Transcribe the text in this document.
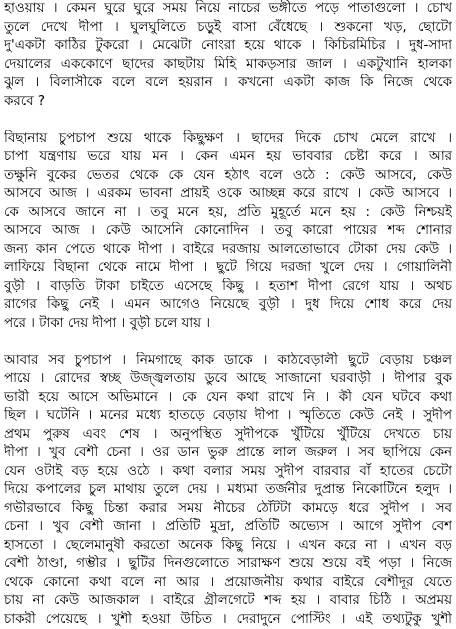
হাওয়ায় । কেমন ঘুরে ঘুরে সময় নিয়ে নাচের ভঙ্গীতে পড়ে পাতাগুলো । চোখ
তুলে দেখে দীপা । ঘুলঘুলিতে চড়ুই বাসা বেঁধেছে । শুকনো খড়, ছোটো
দু'একটা কাঠির টুকরো । মেঝেটা নোংরা হয়ে থাকে । কিচিরমিচির । দুধ-সাদা
দেয়ালের এককোণে ছাদের কাছটায় মিহি মাকড়সার জাল । একটুখানি হালকা
ঝুল । বিলাসীকে বলে বলে হয়রান । কখনো একটা কাজ কি নিজে থেকে
করবে ?
বিছানায় চুপচাপ শুয়ে থাকে কিছুক্ষণ । ছাদের দিকে চোখ মেলে রাখে ।
চাপা যন্ত্রণায় ভরে যায় মন । কেন এমন হয় ভাববার চেষ্টা করে । আর
তক্ষুনি বুকের ভেতর থেকে কে যেন হঠাৎ বলে ওঠে : কেউ আসবে, কেউ
আসবে আজ । এরকম ভাবনা প্রায়ই ওকে আচ্ছন্ন করে রাখে । কেউ আসবে ।
কে আসবে জানে না । তবু মনে হয়, প্রতি মুহূর্তে মনে হয় : কেউ নিশ্চয়ই
আসবে আজ । কেউ আসেনি কোনোদিন । তবু কারো পায়ের শব্দ শোনার
জন্য কান পেতে থাকে দীপা । বাইরে দরজায় আলতোভাবে টোকা দেয় কেউ ।
লাফিয়ে বিছানা থেকে নামে দীপা । ছুটে গিয়ে দরজা খুলে দেয় । গোয়ালিনী
বুড়ী । বাড়তি টাকা চাইতে এসেছে কিছু । হতাশ দীপা রেগে যায় । অথচ
রাগের কিছু নেই । এমন আগেও নিয়েছে বুড়ী । দুধ দিয়ে শোধ করে দেয়
পরে । টাকা দেয় দীপা । বুড়ী চলে যায় ।
আবার সব চুপচাপ । নিমগাছে কাক ডাকে । কাঠবেড়ালী ছুটে বেড়ায় চঞ্চল
পায়ে । রোদের স্বচ্ছ উজ্জ্বলতায় ডুবে আছে সাজানো ঘরবাড়ী । দীপার বুক
ভারী হয়ে আসে অভিমানে । কে যেন কথা রাখে নি । কী যেন ঘটবে কথা
ছিল । ঘটেনি । মনের মধ্যে হাতড়ে বেড়ায় দীপা । স্মৃতিতে কেউ নেই । সুদীপ
প্রথম পুরুষ এবং শেষ । অনুপস্থিত সুদীপকে খুঁটিয়ে খুঁটিয়ে দেখতে চায়
দীপা । খুব বেশী চেনা । ওর ডান ভুরু প্রান্তে লাল জরুল । সব ছাপিয়ে কেন
যেন ওটাই বড় হয়ে ওঠে । কথা বলার সময় সুদীপ বারবার বাঁ হাতের চেটো
দিয়ে কপালের চুল মাথায় তুলে দেয় । মধ্যমা তর্জনীর দুপ্রান্ত নিকোটিনে হলুদ ।
গভীরভাবে কিছু চিন্তা করার সময় নীচের ঠোঁটটা কামড়ে ধরে সুদীপ । সব
চেনা । খুব বেশী জানা । প্রতিটি মুদ্রা, প্রতিটি অভ্যেস । আগে সুদীপ বেশ
হাসতো । ছেলেমানুষী করতো অনেক কিছু নিয়ে । এখন করে না । এখন বড়
বেশী ঠাণ্ডা, গম্ভীর । ছুটির দিনগুলোতে সারাক্ষণ শুয়ে শুয়ে বই পড়া । নিজে
থেকে কোনো কথা বলে না আর । প্রয়োজনীয় কথার বাইরে বেশীদূর যেতে
চায় না কেউ আজকাল । বাইরে গ্রীলগেটে শব্দ হয় । বাবার চিঠি । অপ্রময়
চাকরী পেয়েছে । খুশী হওয়া উচিত । দেরাদুনে পোস্টিং । এই তথ্যটুকু খুশী
